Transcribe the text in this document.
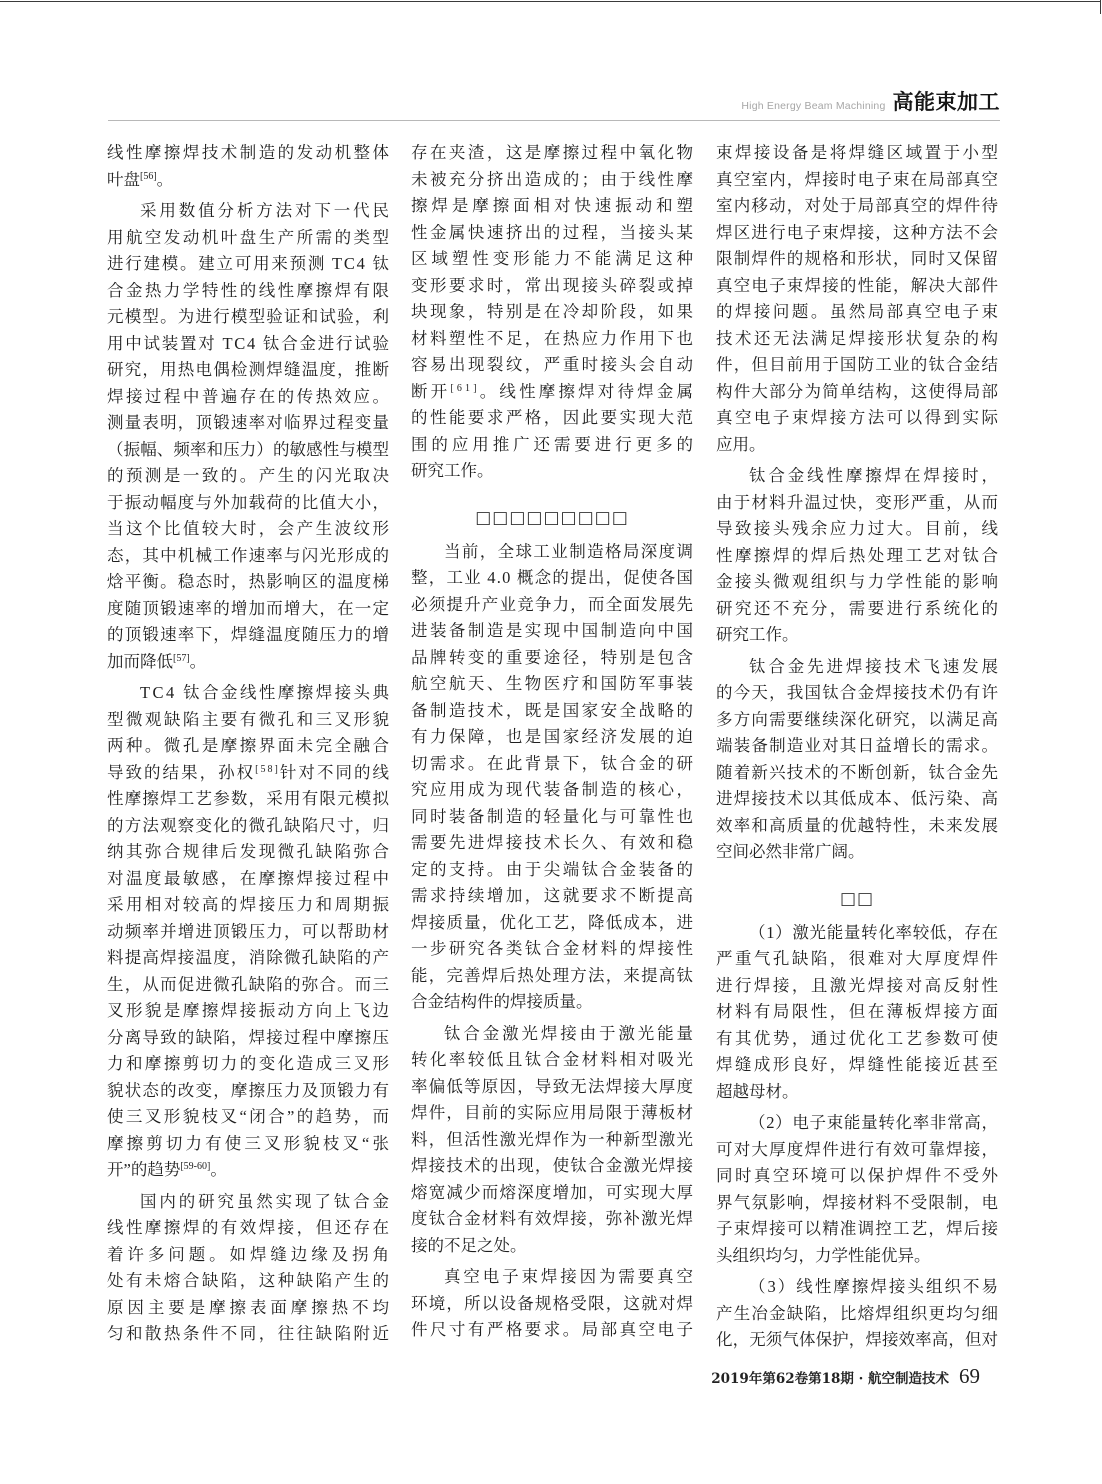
High Energy Beam Machining 高能束加工
线性摩擦焊技术制造的发动机整体
叶盘[56]。
采用数值分析方法对下一代民
用航空发动机叶盘生产所需的类型
进行建模。建立可用来预测 TC4 钛
合金热力学特性的线性摩擦焊有限
元模型。为进行模型验证和试验，利
用中试装置对 TC4 钛合金进行试验
研究，用热电偶检测焊缝温度，推断
焊接过程中普遍存在的传热效应。
测量表明，顶锻速率对临界过程变量
（振幅、频率和压力）的敏感性与模型
的预测是一致的。产生的闪光取决
于振动幅度与外加载荷的比值大小，
当这个比值较大时，会产生波纹形
态，其中机械工作速率与闪光形成的
焓平衡。稳态时，热影响区的温度梯
度随顶锻速率的增加而增大，在一定
的顶锻速率下，焊缝温度随压力的增
加而降低[57]。
TC4 钛合金线性摩擦焊接头典
型微观缺陷主要有微孔和三叉形貌
两种。微孔是摩擦界面未完全融合
导致的结果，孙权[58]针对不同的线
性摩擦焊工艺参数，采用有限元模拟
的方法观察变化的微孔缺陷尺寸，归
纳其弥合规律后发现微孔缺陷弥合
对温度最敏感，在摩擦焊接过程中
采用相对较高的焊接压力和周期振
动频率并增进顶锻压力，可以帮助材
料提高焊接温度，消除微孔缺陷的产
生，从而促进微孔缺陷的弥合。而三
叉形貌是摩擦焊接振动方向上飞边
分离导致的缺陷，焊接过程中摩擦压
力和摩擦剪切力的变化造成三叉形
貌状态的改变，摩擦压力及顶锻力有
使三叉形貌枝叉“闭合”的趋势，而
摩擦剪切力有使三叉形貌枝叉“张
开”的趋势[59-60]。
国内的研究虽然实现了钛合金
线性摩擦焊的有效焊接，但还存在
着许多问题。如焊缝边缘及拐角
处有未熔合缺陷，这种缺陷产生的
原因主要是摩擦表面摩擦热不均
匀和散热条件不同，往往缺陷附近
存在夹渣，这是摩擦过程中氧化物
未被充分挤出造成的；由于线性摩
擦焊是摩擦面相对快速振动和塑
性金属快速挤出的过程，当接头某
区域塑性变形能力不能满足这种
变形要求时，常出现接头碎裂或掉
块现象，特别是在冷却阶段，如果
材料塑性不足，在热应力作用下也
容易出现裂纹，严重时接头会自动
断开[61]。线性摩擦焊对待焊金属
的性能要求严格，因此要实现大范
围的应用推广还需要进行更多的
研究工作。
□□□□□□□□□
当前，全球工业制造格局深度调
整，工业 4.0 概念的提出，促使各国
必须提升产业竞争力，而全面发展先
进装备制造是实现中国制造向中国
品牌转变的重要途径，特别是包含
航空航天、生物医疗和国防军事装
备制造技术，既是国家安全战略的
有力保障，也是国家经济发展的迫
切需求。在此背景下，钛合金的研
究应用成为现代装备制造的核心，
同时装备制造的轻量化与可靠性也
需要先进焊接技术长久、有效和稳
定的支持。由于尖端钛合金装备的
需求持续增加，这就要求不断提高
焊接质量，优化工艺，降低成本，进
一步研究各类钛合金材料的焊接性
能，完善焊后热处理方法，来提高钛
合金结构件的焊接质量。
钛合金激光焊接由于激光能量
转化率较低且钛合金材料相对吸光
率偏低等原因，导致无法焊接大厚度
焊件，目前的实际应用局限于薄板材
料，但活性激光焊作为一种新型激光
焊接技术的出现，使钛合金激光焊接
熔宽减少而熔深度增加，可实现大厚
度钛合金材料有效焊接，弥补激光焊
接的不足之处。
真空电子束焊接因为需要真空
环境，所以设备规格受限，这就对焊
件尺寸有严格要求。局部真空电子
束焊接设备是将焊缝区域置于小型
真空室内，焊接时电子束在局部真空
室内移动，对处于局部真空的焊件待
焊区进行电子束焊接，这种方法不会
限制焊件的规格和形状，同时又保留
真空电子束焊接的性能，解决大部件
的焊接问题。虽然局部真空电子束
技术还无法满足焊接形状复杂的构
件，但目前用于国防工业的钛合金结
构件大部分为简单结构，这使得局部
真空电子束焊接方法可以得到实际
应用。
钛合金线性摩擦焊在焊接时，
由于材料升温过快，变形严重，从而
导致接头残余应力过大。目前，线
性摩擦焊的焊后热处理工艺对钛合
金接头微观组织与力学性能的影响
研究还不充分，需要进行系统化的
研究工作。
钛合金先进焊接技术飞速发展
的今天，我国钛合金焊接技术仍有许
多方向需要继续深化研究，以满足高
端装备制造业对其日益增长的需求。
随着新兴技术的不断创新，钛合金先
进焊接技术以其低成本、低污染、高
效率和高质量的优越特性，未来发展
空间必然非常广阔。
□□
（1）激光能量转化率较低，存在
严重气孔缺陷，很难对大厚度焊件
进行焊接，且激光焊接对高反射性
材料有局限性，但在薄板焊接方面
有其优势，通过优化工艺参数可使
焊缝成形良好，焊缝性能接近甚至
超越母材。
（2）电子束能量转化率非常高，
可对大厚度焊件进行有效可靠焊接，
同时真空环境可以保护焊件不受外
界气氛影响，焊接材料不受限制，电
子束焊接可以精准调控工艺，焊后接
头组织均匀，力学性能优异。
（3）线性摩擦焊接头组织不易
产生冶金缺陷，比熔焊组织更均匀细
化，无须气体保护，焊接效率高，但对
2019年第62卷第18期 · 航空制造技术 69
